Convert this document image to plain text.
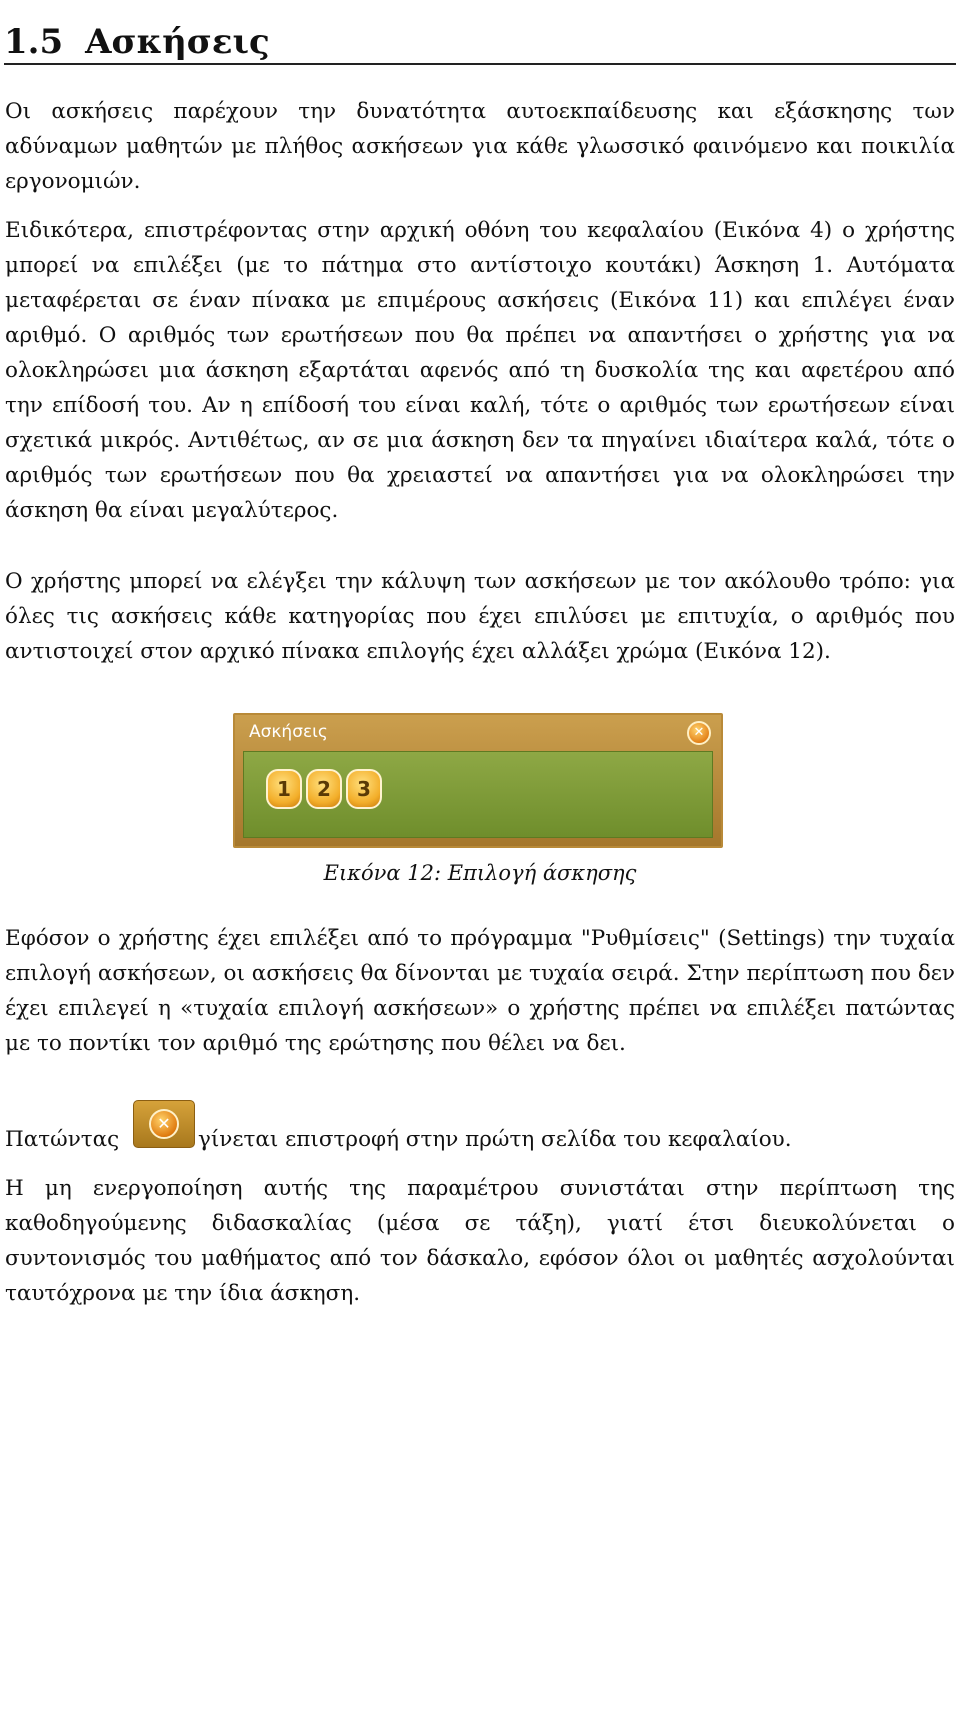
1.5 Ασκήσεις

Οι ασκήσεις παρέχουν την δυνατότητα αυτοεκπαίδευσης και εξάσκησης των αδύναμων μαθητών με πλήθος ασκήσεων για κάθε γλωσσικό φαινόμενο και ποικιλία εργονομιών.

Ειδικότερα, επιστρέφοντας στην αρχική οθόνη του κεφαλαίου (Εικόνα 4) ο χρήστης μπορεί να επιλέξει (με το πάτημα στο αντίστοιχο κουτάκι) Άσκηση 1. Αυτόματα μεταφέρεται σε έναν πίνακα με επιμέρους ασκήσεις (Εικόνα 11) και επιλέγει έναν αριθμό. Ο αριθμός των ερωτήσεων που θα πρέπει να απαντήσει ο χρήστης για να ολοκληρώσει μια άσκηση εξαρτάται αφενός από τη δυσκολία της και αφετέρου από την επίδοσή του. Αν η επίδοσή του είναι καλή, τότε ο αριθμός των ερωτήσεων είναι σχετικά μικρός. Αντιθέτως, αν σε μια άσκηση δεν τα πηγαίνει ιδιαίτερα καλά, τότε ο αριθμός των ερωτήσεων που θα χρειαστεί να απαντήσει για να ολοκληρώσει την άσκηση θα είναι μεγαλύτερος.

Ο χρήστης μπορεί να ελέγξει την κάλυψη των ασκήσεων με τον ακόλουθο τρόπο: για όλες τις ασκήσεις κάθε κατηγορίας που έχει επιλύσει με επιτυχία, ο αριθμός που αντιστοιχεί στον αρχικό πίνακα επιλογής έχει αλλάξει χρώμα (Εικόνα 12).

Ασκήσεις	✕
1	2	3
Εικόνα 12: Επιλογή άσκησης

Εφόσον ο χρήστης έχει επιλέξει από το πρόγραμμα "Ρυθμίσεις" (Settings) την τυχαία επιλογή ασκήσεων, οι ασκήσεις θα δίνονται με τυχαία σειρά. Στην περίπτωση που δεν έχει επιλεγεί η «τυχαία επιλογή ασκήσεων» ο χρήστης πρέπει να επιλέξει πατώντας με το ποντίκι τον αριθμό της ερώτησης που θέλει να δει.

Πατώντας
✕
γίνεται επιστροφή στην πρώτη σελίδα του κεφαλαίου.

Η μη ενεργοποίηση αυτής της παραμέτρου συνιστάται στην περίπτωση της καθοδηγούμενης διδασκαλίας (μέσα σε τάξη), γιατί έτσι διευκολύνεται ο συντονισμός του μαθήματος από τον δάσκαλο, εφόσον όλοι οι μαθητές ασχολούνται ταυτόχρονα με την ίδια άσκηση.
